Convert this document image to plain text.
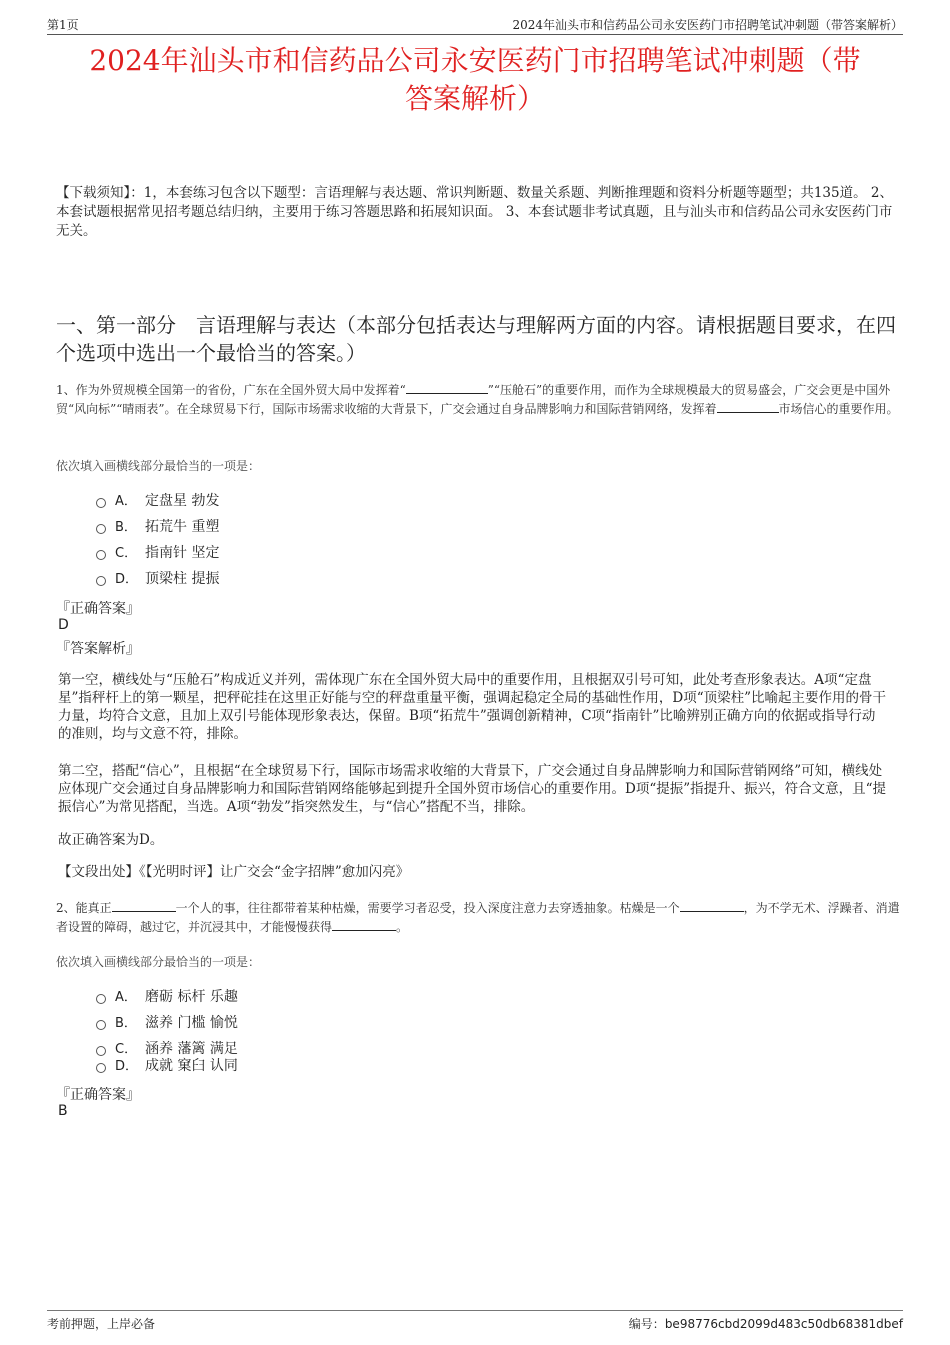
第1页	2024年汕头市和信药品公司永安医药门市招聘笔试冲刺题（带答案解析）
2024年汕头市和信药品公司永安医药门市招聘笔试冲刺题（带
答案解析）
【下载须知】：1，本套练习包含以下题型：言语理解与表达题、常识判断题、数量关系题、判断推理题和资料分析题等题型；共135道。 2、本套试题根据常见招考题总结归纳，主要用于练习答题思路和拓展知识面。 3、本套试题非考试真题，且与汕头市和信药品公司永安医药门市无关。
一、第一部分　言语理解与表达（本部分包括表达与理解两方面的内容。请根据题目要求，在四个选项中选出一个最恰当的答案。）
1、作为外贸规模全国第一的省份，广东在全国外贸大局中发挥着“	”“压舱石”的重要作用，而作为全球规模最大的贸易盛会，广交会更是中国外贸“风向标”“晴雨表”。在全球贸易下行，国际市场需求收缩的大背景下，广交会通过自身品牌影响力和国际营销网络，发挥着	市场信心的重要作用。
依次填入画横线部分最恰当的一项是：
A． 定盘星 勃发
B． 拓荒牛 重塑
C． 指南针 坚定
D． 顶梁柱 提振
『正确答案』
D
『答案解析』
第一空，横线处与“压舱石”构成近义并列，需体现广东在全国外贸大局中的重要作用，且根据双引号可知，此处考查形象表达。A项“定盘星”指秤杆上的第一颗星，把秤砣挂在这里正好能与空的秤盘重量平衡，强调起稳定全局的基础性作用，D项“顶梁柱”比喻起主要作用的骨干力量，均符合文意，且加上双引号能体现形象表达，保留。B项“拓荒牛”强调创新精神，C项“指南针”比喻辨别正确方向的依据或指导行动的准则，均与文意不符，排除。
第二空，搭配“信心”，且根据“在全球贸易下行，国际市场需求收缩的大背景下，广交会通过自身品牌影响力和国际营销网络”可知，横线处应体现广交会通过自身品牌影响力和国际营销网络能够起到提升全国外贸市场信心的重要作用。D项“提振”指提升、振兴，符合文意，且“提振信心”为常见搭配，当选。A项“勃发”指突然发生，与“信心”搭配不当，排除。
故正确答案为D。
【文段出处】《【光明时评】让广交会“金字招牌”愈加闪亮》
2、能真正	一个人的事，往往都带着某种枯燥，需要学习者忍受，投入深度注意力去穿透抽象。枯燥是一个	，为不学无术、浮躁者、消遣者设置的障碍，越过它，并沉浸其中，才能慢慢获得	。
依次填入画横线部分最恰当的一项是：
A． 磨砺 标杆 乐趣
B． 滋养 门槛 愉悦
C． 涵养 藩篱 满足
D． 成就 窠臼 认同
『正确答案』
B
考前押题，上岸必备	编号：be98776cbd2099d483c50db68381dbef
